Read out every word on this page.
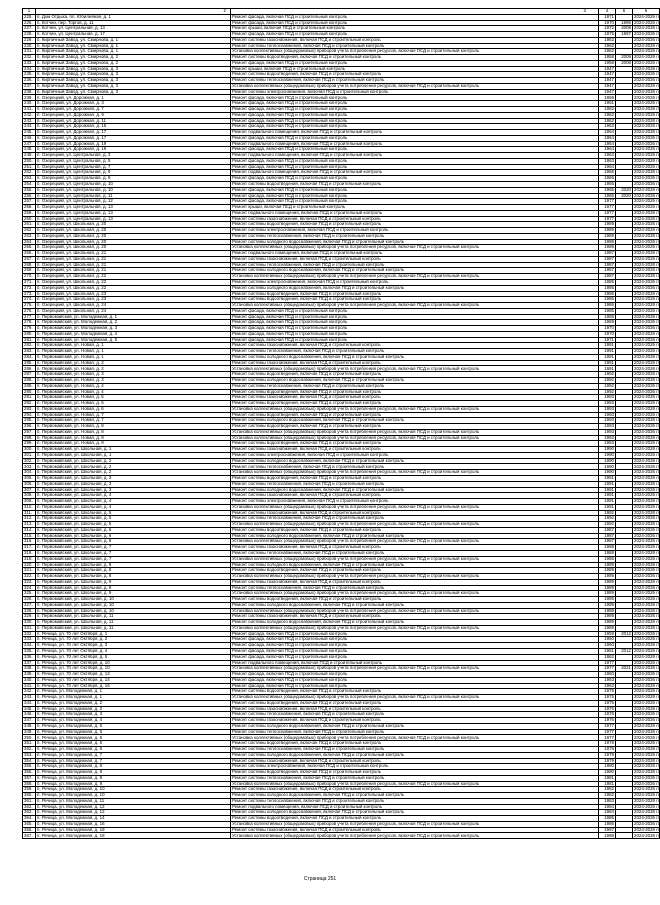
1	2	3	4	5	6
225.	п. Дом Отдыха, пл. Юбилейная, д. 1	Ремонт фасада, включая ПСД и строительный контроль	1971		2024-2026 гг.
226.	п. Котчин, пер. Торгов, д. 11	Ремонт фасада, включая ПСД и строительный контроль	1970	1996	2024-2026 гг.
227.	п. Котчин, ул. Центральная, д. 13	Ремонт крыши, включая ПСД и строительный контроль	1972	2008	2024-2026 гг.
228.	п. Котчин, ул. Центральная, д. 17	Ремонт фасада, включая ПСД и строительный контроль	1975	1997	2024-2026 гг.
229.	п. Кирпичный Завод, ул. Смирнова, д. 1	Ремонт системы газоснабжения, включая ПСД и строительный контроль	1962		2024-2026 гг.
230.	п. Кирпичный Завод, ул. Смирнова, д. 1	Ремонт системы теплоснабжения, включая ПСД и строительный контроль	1962		2024-2026 гг.
231.	п. Кирпичный Завод, ул. Смирнова, д. 1	Установка коллективных (общедомовых) приборов учета потребления ресурсов, включая ПСД и строительный контроль	1962		2024-2026 гг.
232.	п. Кирпичный Завод, ул. Смирнова, д. 2	Ремонт системы водоотведения, включая ПСД и строительный контроль	1958	2008	2024-2026 гг.
233.	п. Кирпичный Завод, ул. Смирнова, д. 2	Ремонт фасада, включая ПСД и строительный контроль	1958	2008	2024-2026 гг.
234.	п. Кирпичный Завод, ул. Смирнова, д. 3	Ремонт крыши, включая ПСД и строительный контроль	1947		2024-2026 гг.
235.	п. Кирпичный Завод, ул. Смирнова, д. 3	Ремонт системы водоотведения, включая ПСД и строительный контроль	1947		2024-2026 гг.
236.	п. Кирпичный Завод, ул. Смирнова, д. 3	Ремонт системы теплоснабжения, включая ПСД и строительный контроль	1947		2024-2026 гг.
237.	п. Кирпичный Завод, ул. Смирнова, д. 3	Установка коллективных (общедомовых) приборов учета потребления ресурсов, включая ПСД и строительный контроль	1947		2024-2026 гг.
238.	п. Кирпичный Завод, ул. Смирнова, д. 3	Ремонт системы электроснабжения, включая ПСД и строительный контроль	1947		2024-2026 гг.
239.	п. Озерецкий, ул. Дорожная, д. 1	Ремонт фасада, включая ПСД и строительный контроль	1959		2024-2026 гг.
240.	п. Озерецкий, ул. Дорожная, д. 3	Ремонт фасада, включая ПСД и строительный контроль	1961		2024-2026 гг.
241.	п. Озерецкий, ул. Дорожная, д. 7	Ремонт фасада, включая ПСД и строительный контроль	1962		2024-2026 гг.
242.	п. Озерецкий, ул. Дорожная, д. 9	Ремонт фасада, включая ПСД и строительный контроль	1962		2024-2026 гг.
243.	п. Озерецкий, ул. Дорожная, д. 11	Ремонт фасада, включая ПСД и строительный контроль	1962		2024-2026 гг.
244.	п. Озерецкий, ул. Дорожная, д. 15	Ремонт фасада, включая ПСД и строительный контроль	1963		2024-2026 гг.
245.	п. Озерецкий, ул. Дорожная, д. 17	Ремонт подвального помещения, включая ПСД и строительный контроль	1964		2024-2026 гг.
246.	п. Озерецкий, ул. Дорожная, д. 17	Ремонт фасада, включая ПСД и строительный контроль	1964		2024-2026 гг.
247.	п. Озерецкий, ул. Дорожная, д. 19	Ремонт подвального помещения, включая ПСД и строительный контроль	1964		2024-2026 гг.
248.	п. Озерецкий, ул. Дорожная, д. 19	Ремонт фасада, включая ПСД и строительный контроль	1964		2024-2026 гг.
249.	п. Озерецкий, ул. Центральная, д. 3	Ремонт подвального помещения, включая ПСД и строительный контроль	1963		2024-2026 гг.
250.	п. Озерецкий, ул. Центральная, д. 5	Ремонт фасада, включая ПСД и строительный контроль	1963		2024-2026 гг.
251.	п. Озерецкий, ул. Центральная, д. 7	Ремонт фасада, включая ПСД и строительный контроль	1964		2024-2026 гг.
252.	п. Озерецкий, ул. Центральная, д. 9	Ремонт подвального помещения, включая ПСД и строительный контроль	1965		2024-2026 гг.
253.	п. Озерецкий, ул. Центральная, д. 9	Ремонт фасада, включая ПСД и строительный контроль	1965		2024-2026 гг.
254.	п. Озерецкий, ул. Центральная, д. 10	Ремонт системы водоотведения, включая ПСД и строительный контроль	1965		2024-2026 гг.
255.	п. Озерецкий, ул. Центральная, д. 10	Ремонт фасада, включая ПСД и строительный контроль	1965	2020	2024-2026 гг.
256.	п. Озерецкий, ул. Центральная, д. 11	Ремонт фасада, включая ПСД и строительный контроль	1965	2020	2024-2026 гг.
257.	п. Озерецкий, ул. Центральная, д. 12	Ремонт фасада, включая ПСД и строительный контроль	1977		2024-2026 гг.
258.	п. Озерецкий, ул. Центральная, д. 13	Ремонт крыши, включая ПСД и строительный контроль	1977		2024-2026 гг.
259.	п. Озерецкий, ул. Центральная, д. 13	Ремонт подвального помещения, включая ПСД и строительный контроль	1977		2024-2026 гг.
260.	п. Озерецкий, ул. Центральная, д. 13	Ремонт системы газоснабжения, включая ПСД и строительный контроль	1977		2024-2026 гг.
261.	п. Озерецкий, ул. Школьная, д. 20	Ремонт системы водоотведения, включая ПСД и строительный контроль	1989		2024-2026 гг.
262.	п. Озерецкий, ул. Школьная, д. 20	Ремонт системы электроснабжения, включая ПСД и строительный контроль	1989		2024-2026 гг.
263.	п. Озерецкий, ул. Школьная, д. 20	Ремонт системы теплоснабжения, включая ПСД и строительный контроль	1989		2024-2026 гг.
264.	п. Озерецкий, ул. Школьная, д. 20	Ремонт системы холодного водоснабжения, включая ПСД и строительный контроль	1989		2024-2026 гг.
265.	п. Озерецкий, ул. Школьная, д. 20	Установка коллективных (общедомовых) приборов учета потребления ресурсов, включая ПСД и строительный контроль	1989		2024-2026 гг.
266.	п. Озерецкий, ул. Школьная, д. 21	Ремонт подвального помещения, включая ПСД и строительный контроль	1987		2024-2026 гг.
267.	п. Озерецкий, ул. Школьная, д. 21	Ремонт системы газоснабжения, включая ПСД и строительный контроль	1987		2024-2026 гг.
268.	п. Озерецкий, ул. Школьная, д. 21	Ремонт системы теплоснабжения, включая ПСД и строительный контроль	1987		2024-2026 гг.
269.	п. Озерецкий, ул. Школьная, д. 21	Ремонт системы холодного водоснабжения, включая ПСД и строительный контроль	1987		2024-2026 гг.
270.	п. Озерецкий, ул. Школьная, д. 22	Установка коллективных (общедомовых) приборов учета потребления ресурсов, включая ПСД и строительный контроль	1987		2024-2026 гг.
271.	п. Озерецкий, ул. Школьная, д. 22	Ремонт системы электроснабжения, включая ПСД и строительный контроль	1985		2024-2026 гг.
272.	п. Озерецкий, ул. Школьная, д. 22	Ремонт системы холодного водоснабжения, включая ПСД и строительный контроль	1985		2024-2026 гг.
273.	п. Озерецкий, ул. Школьная, д. 23	Ремонт системы водоотведения, включая ПСД и строительный контроль	1986		2024-2026 гг.
274.	п. Озерецкий, ул. Школьная, д. 23	Ремонт системы водоотведения, включая ПСД и строительный контроль	1986		2024-2026 гг.
275.	п. Озерецкий, ул. Школьная, д. 24	Установка коллективных (общедомовых) приборов учета потребления ресурсов, включая ПСД и строительный контроль	1986		2024-2026 гг.
276.	п. Озерецкий, ул. Школьная, д. 24	Ремонт фасада, включая ПСД и строительный контроль	1985		2024-2026 гг.
277.	п. Первомайский, ул. Молодежная, д. 1	Ремонт фасада, включая ПСД и строительный контроль	1969		2024-2026 гг.
278.	п. Первомайский, ул. Молодежная, д. 2	Ремонт фасада, включая ПСД и строительный контроль	1969		2024-2026 гг.
279.	п. Первомайский, ул. Молодежная, д. 3	Ремонт фасада, включая ПСД и строительный контроль	1970		2024-2026 гг.
280.	п. Первомайский, ул. Молодежная, д. 4	Ремонт фасада, включая ПСД и строительный контроль	1970		2024-2026 гг.
281.	п. Первомайский, ул. Молодежная, д. 5	Ремонт фасада, включая ПСД и строительный контроль	1971		2024-2026 гг.
282.	п. Первомайский, ул. Новая, д. 1	Ремонт системы газоснабжения, включая ПСД и строительный контроль	1991		2024-2026 гг.
283.	п. Первомайский, ул. Новая, д. 1	Ремонт системы теплоснабжения, включая ПСД и строительный контроль	1991		2024-2026 гг.
284.	п. Первомайский, ул. Новая, д. 1	Ремонт системы холодного водоснабжения, включая ПСД и строительный контроль	1991		2024-2026 гг.
285.	п. Первомайский, ул. Новая, д. 2	Ремонт системы газоснабжения, включая ПСД и строительный контроль	1991		2024-2026 гг.
286.	п. Первомайский, ул. Новая, д. 2	Установка коллективных (общедомовых) приборов учета потребления ресурсов, включая ПСД и строительный контроль	1991		2024-2026 гг.
287.	п. Первомайский, ул. Новая, д. 3	Ремонт системы водоотведения, включая ПСД и строительный контроль	1992		2024-2026 гг.
288.	п. Первомайский, ул. Новая, д. 3	Ремонт системы холодного водоснабжения, включая ПСД и строительный контроль	1992		2024-2026 гг.
289.	п. Первомайский, ул. Новая, д. 4	Ремонт системы теплоснабжения, включая ПСД и строительный контроль	1992		2024-2026 гг.
290.	п. Первомайский, ул. Новая, д. 4	Ремонт системы водоотведения, включая ПСД и строительный контроль	1992		2024-2026 гг.
291.	п. Первомайский, ул. Новая, д. 5	Ремонт системы газоснабжения, включая ПСД и строительный контроль	1993		2024-2026 гг.
292.	п. Первомайский, ул. Новая, д. 5	Ремонт системы водоотведения, включая ПСД и строительный контроль	1993		2024-2026 гг.
293.	п. Первомайский, ул. Новая, д. 6	Установка коллективных (общедомовых) приборов учета потребления ресурсов, включая ПСД и строительный контроль	1993		2024-2026 гг.
294.	п. Первомайский, ул. Новая, д. 7	Ремонт системы водоотведения, включая ПСД и строительный контроль	1993		2024-2026 гг.
295.	п. Первомайский, ул. Новая, д. 7	Ремонт системы холодного водоснабжения, включая ПСД и строительный контроль	1993		2024-2026 гг.
296.	п. Первомайский, ул. Новая, д. 8	Ремонт системы водоотведения, включая ПСД и строительный контроль	1993		2024-2026 гг.
297.	п. Первомайский, ул. Новая, д. 8	Установка коллективных (общедомовых) приборов учета потребления ресурсов, включая ПСД и строительный контроль	1993		2024-2026 гг.
298.	п. Первомайский, ул. Новая, д. 9	Установка коллективных (общедомовых) приборов учета потребления ресурсов, включая ПСД и строительный контроль	1993		2024-2026 гг.
299.	п. Первомайский, ул. Новая, д. 9	Ремонт системы водоотведения, включая ПСД и строительный контроль	1993		2024-2026 гг.
300.	п. Первомайский, ул. Школьная, д. 1	Ремонт системы газоснабжения, включая ПСД и строительный контроль	1990		2024-2026 гг.
301.	п. Первомайский, ул. Школьная, д. 1	Ремонт системы электроснабжения, включая ПСД и строительный контроль	1990		2024-2026 гг.
302.	п. Первомайский, ул. Школьная, д. 2	Ремонт системы холодного водоснабжения, включая ПСД и строительный контроль	1990		2024-2026 гг.
303.	п. Первомайский, ул. Школьная, д. 2	Ремонт системы теплоснабжения, включая ПСД и строительный контроль	1990		2024-2026 гг.
304.	п. Первомайский, ул. Школьная, д. 2	Установка коллективных (общедомовых) приборов учета потребления ресурсов, включая ПСД и строительный контроль	1990		2024-2026 гг.
305.	п. Первомайский, ул. Школьная, д. 3	Ремонт системы водоотведения, включая ПСД и строительный контроль	1991		2024-2026 гг.
306.	п. Первомайский, ул. Школьная, д. 3	Ремонт системы теплоснабжения, включая ПСД и строительный контроль	1991		2024-2026 гг.
307.	п. Первомайский, ул. Школьная, д. 3	Ремонт системы холодного водоснабжения, включая ПСД и строительный контроль	1991		2024-2026 гг.
308.	п. Первомайский, ул. Школьная, д. 4	Ремонт системы газоснабжения, включая ПСД и строительный контроль	1991		2024-2026 гг.
309.	п. Первомайский, ул. Школьная, д. 4	Ремонт системы электроснабжения, включая ПСД и строительный контроль	1991		2024-2026 гг.
310.	п. Первомайский, ул. Школьная, д. 4	Установка коллективных (общедомовых) приборов учета потребления ресурсов, включая ПСД и строительный контроль	1991		2024-2026 гг.
311.	п. Первомайский, ул. Школьная, д. 5	Ремонт системы газоснабжения, включая ПСД и строительный контроль	1992		2024-2026 гг.
312.	п. Первомайский, ул. Школьная, д. 5	Ремонт системы теплоснабжения, включая ПСД и строительный контроль	1992		2024-2026 гг.
313.	п. Первомайский, ул. Школьная, д. 5	Установка коллективных (общедомовых) приборов учета потребления ресурсов, включая ПСД и строительный контроль	1992		2024-2026 гг.
314.	п. Первомайский, ул. Школьная, д. 6	Ремонт системы водоотведения, включая ПСД и строительный контроль	1987		2024-2026 гг.
315.	п. Первомайский, ул. Школьная, д. 6	Ремонт системы холодного водоснабжения, включая ПСД и строительный контроль	1987		2024-2026 гг.
316.	п. Первомайский, ул. Школьная, д. 6	Установка коллективных (общедомовых) приборов учета потребления ресурсов, включая ПСД и строительный контроль	1987		2024-2026 гг.
317.	п. Первомайский, ул. Школьная, д. 7	Ремонт системы газоснабжения, включая ПСД и строительный контроль	1988		2024-2026 гг.
318.	п. Первомайский, ул. Школьная, д. 7	Ремонт системы теплоснабжения, включая ПСД и строительный контроль	1988		2024-2026 гг.
319.	п. Первомайский, ул. Школьная, д. 7	Установка коллективных (общедомовых) приборов учета потребления ресурсов, включая ПСД и строительный контроль	1988		2024-2026 гг.
320.	п. Первомайский, ул. Школьная, д. 8	Ремонт системы холодного водоснабжения, включая ПСД и строительный контроль	1989		2024-2026 гг.
321.	п. Первомайский, ул. Школьная, д. 8	Ремонт системы водоотведения, включая ПСД и строительный контроль	1989		2024-2026 гг.
322.	п. Первомайский, ул. Школьная, д. 8	Установка коллективных (общедомовых) приборов учета потребления ресурсов, включая ПСД и строительный контроль	1989		2024-2026 гг.
323.	п. Первомайский, ул. Школьная, д. 9	Ремонт системы газоснабжения, включая ПСД и строительный контроль	1989		2024-2026 гг.
324.	п. Первомайский, ул. Школьная, д. 9	Ремонт системы теплоснабжения, включая ПСД и строительный контроль	1989		2024-2026 гг.
325.	п. Первомайский, ул. Школьная, д. 9	Установка коллективных (общедомовых) приборов учета потребления ресурсов, включая ПСД и строительный контроль	1989		2024-2026 гг.
326.	п. Первомайский, ул. Школьная, д. 10	Ремонт системы водоотведения, включая ПСД и строительный контроль	1989		2024-2026 гг.
327.	п. Первомайский, ул. Школьная, д. 10	Ремонт системы холодного водоснабжения, включая ПСД и строительный контроль	1989		2024-2026 гг.
328.	п. Первомайский, ул. Школьная, д. 10	Установка коллективных (общедомовых) приборов учета потребления ресурсов, включая ПСД и строительный контроль	1989		2024-2026 гг.
329.	п. Первомайский, ул. Школьная, д. 11	Ремонт системы газоснабжения, включая ПСД и строительный контроль	1989		2024-2026 гг.
330.	п. Первомайский, ул. Школьная, д. 11	Ремонт системы холодного водоснабжения, включая ПСД и строительный контроль	1989		2024-2026 гг.
331.	п. Первомайский, ул. Школьная, д. 11	Установка коллективных (общедомовых) приборов учета потребления ресурсов, включая ПСД и строительный контроль	1989		2024-2026 гг.
332.	п. Речица, ул. 70 лет Октября, д. 1	Ремонт фасада, включая ПСД и строительный контроль	1959	2012	2024-2026 гг.
333.	п. Речица, ул. 70 лет Октября, д. 2	Ремонт фасада, включая ПСД и строительный контроль	1960		2024-2026 гг.
334.	п. Речица, ул. 70 лет Октября, д. 3	Ремонт фасада, включая ПСД и строительный контроль	1960		2024-2026 гг.
335.	п. Речица, ул. 70 лет Октября, д. 4	Ремонт фасада, включая ПСД и строительный контроль	1961	2012	2024-2026 гг.
336.	п. Речица, ул. 70 лет Октября, д. 5	Ремонт фасада, включая ПСД и строительный контроль	1962		2024-2026 гг.
337.	п. Речица, ул. 70 лет Октября, д. 10	Ремонт подвального помещения, включая ПСД и строительный контроль	1977		2024-2026 гг.
338.	п. Речица, ул. 70 лет Октября, д. 10	Установка коллективных (общедомовых) приборов учета потребления ресурсов, включая ПСД и строительный контроль	1977	2021	2024-2026 гг.
339.	п. Речица, ул. 70 лет Октября, д. 13	Ремонт фасада, включая ПСД и строительный контроль	1960		2024-2026 гг.
340.	п. Речица, ул. 70 лет Октября, д. 14	Ремонт фасада, включая ПСД и строительный контроль	1963		2024-2026 гг.
341.	п. Речица, ул. 70 лет Октября, д. 16	Ремонт фасада, включая ПСД и строительный контроль	1963		2024-2026 гг.
342.	п. Речица, ул. Молодежная, д. 1	Ремонт системы водоотведения, включая ПСД и строительный контроль	1975		2024-2026 гг.
343.	п. Речица, ул. Молодежная, д. 1	Установка коллективных (общедомовых) приборов учета потребления ресурсов, включая ПСД и строительный контроль	1975		2024-2026 гг.
344.	п. Речица, ул. Молодежная, д. 2	Ремонт системы водоотведения, включая ПСД и строительный контроль	1975		2024-2026 гг.
345.	п. Речица, ул. Молодежная, д. 2	Ремонт системы газоснабжения, включая ПСД и строительный контроль	1976		2024-2026 гг.
346.	п. Речица, ул. Молодежная, д. 3	Ремонт системы теплоснабжения, включая ПСД и строительный контроль	1976		2024-2026 гг.
347.	п. Речица, ул. Молодежная, д. 4	Ремонт системы газоснабжения, включая ПСД и строительный контроль	1976		2024-2026 гг.
348.	п. Речица, ул. Молодежная, д. 5	Ремонт системы холодного водоснабжения, включая ПСД и строительный контроль	1977		2024-2026 гг.
349.	п. Речица, ул. Молодежная, д. 5	Ремонт системы теплоснабжения, включая ПСД и строительный контроль	1977		2024-2026 гг.
350.	п. Речица, ул. Молодежная, д. 5	Установка коллективных (общедомовых) приборов учета потребления ресурсов, включая ПСД и строительный контроль	1977		2024-2026 гг.
351.	п. Речица, ул. Молодежная, д. 6	Ремонт системы водоотведения, включая ПСД и строительный контроль	1978		2024-2026 гг.
352.	п. Речица, ул. Молодежная, д. 6	Ремонт системы теплоснабжения, включая ПСД и строительный контроль	1978		2024-2026 гг.
353.	п. Речица, ул. Молодежная, д. 7	Ремонт системы холодного водоснабжения, включая ПСД и строительный контроль	1979		2024-2026 гг.
354.	п. Речица, ул. Молодежная, д. 7	Ремонт системы газоснабжения, включая ПСД и строительный контроль	1979		2024-2026 гг.
355.	п. Речица, ул. Молодежная, д. 8	Ремонт системы электроснабжения, включая ПСД и строительный контроль	1980		2024-2026 гг.
356.	п. Речица, ул. Молодежная, д. 8	Ремонт системы водоотведения, включая ПСД и строительный контроль	1980		2024-2026 гг.
357.	п. Речица, ул. Молодежная, д. 9	Ремонт системы теплоснабжения, включая ПСД и строительный контроль	1981		2024-2026 гг.
358.	п. Речица, ул. Молодежная, д. 9	Установка коллективных (общедомовых) приборов учета потребления ресурсов, включая ПСД и строительный контроль	1981		2024-2026 гг.
359.	п. Речица, ул. Молодежная, д. 10	Ремонт системы газоснабжения, включая ПСД и строительный контроль	1982		2024-2026 гг.
360.	п. Речица, ул. Молодежная, д. 10	Ремонт системы холодного водоснабжения, включая ПСД и строительный контроль	1982		2024-2026 гг.
361.	п. Речица, ул. Молодежная, д. 11	Ремонт системы теплоснабжения, включая ПСД и строительный контроль	1983		2024-2026 гг.
362.	п. Речица, ул. Молодежная, д. 12	Ремонт подвального помещения, включая ПСД и строительный контроль	1984		2024-2026 гг.
363.	п. Речица, ул. Молодежная, д. 12	Ремонт системы холодного водоснабжения, включая ПСД и строительный контроль	1984		2024-2026 гг.
364.	п. Речица, ул. Молодежная, д. 14	Ремонт системы водоотведения, включая ПСД и строительный контроль	1985		2024-2026 гг.
365.	п. Речица, ул. Молодежная, д. 16	Установка коллективных (общедомовых) приборов учета потребления ресурсов, включая ПСД и строительный контроль	1986		2024-2026 гг.
366.	п. Речица, ул. Молодежная, д. 18	Ремонт системы газоснабжения, включая ПСД и строительный контроль	1987		2024-2026 гг.
367.	п. Речица, ул. Молодежная, д. 18	Установка коллективных (общедомовых) приборов учета потребления ресурсов, включая ПСД и строительный контроль	1988		2024-2026 гг.
Страница 251
